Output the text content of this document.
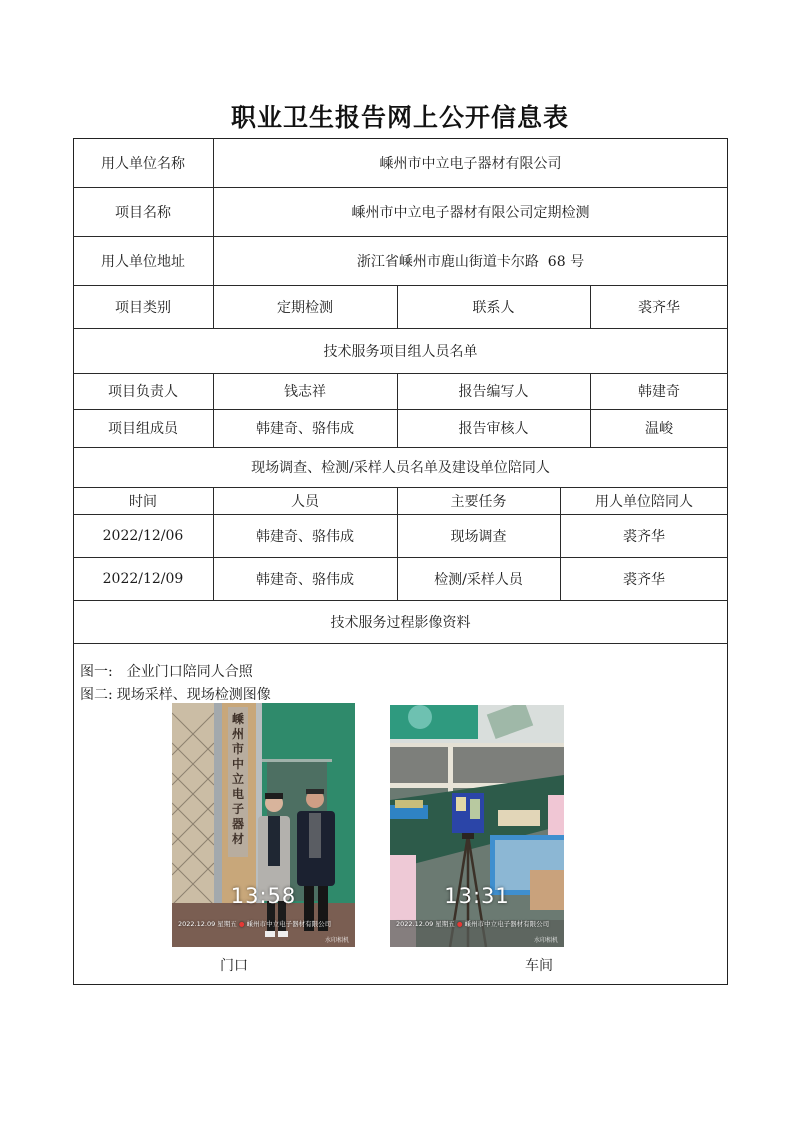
职业卫生报告网上公开信息表
用人单位名称	嵊州市中立电子器材有限公司
项目名称	嵊州市中立电子器材有限公司定期检测
用人单位地址	浙江省嵊州市鹿山街道卡尔路  68 号
项目类别	定期检测	联系人	裘齐华
技术服务项目组人员名单
项目负责人	钱志祥	报告编写人	韩建奇
项目组成员	韩建奇、骆伟成	报告审核人	温峻
现场调查、检测/采样人员名单及建设单位陪同人
时间	人员	主要任务	用人单位陪同人
2022/12/06	韩建奇、骆伟成	现场调查	裘齐华
2022/12/09	韩建奇、骆伟成	检测/采样人员	裘齐华
技术服务过程影像资料
图一: 企业门口陪同人合照
图二: 现场采样、现场检测图像
嵊
州
市
中
立
电
子
器
材
13:58
2022.12.09 星期五 ● 嵊州市中立电子器材有限公司
水印相机
门口
13:31
2022.12.09 星期五 ● 嵊州市中立电子器材有限公司
水印相机
车间
